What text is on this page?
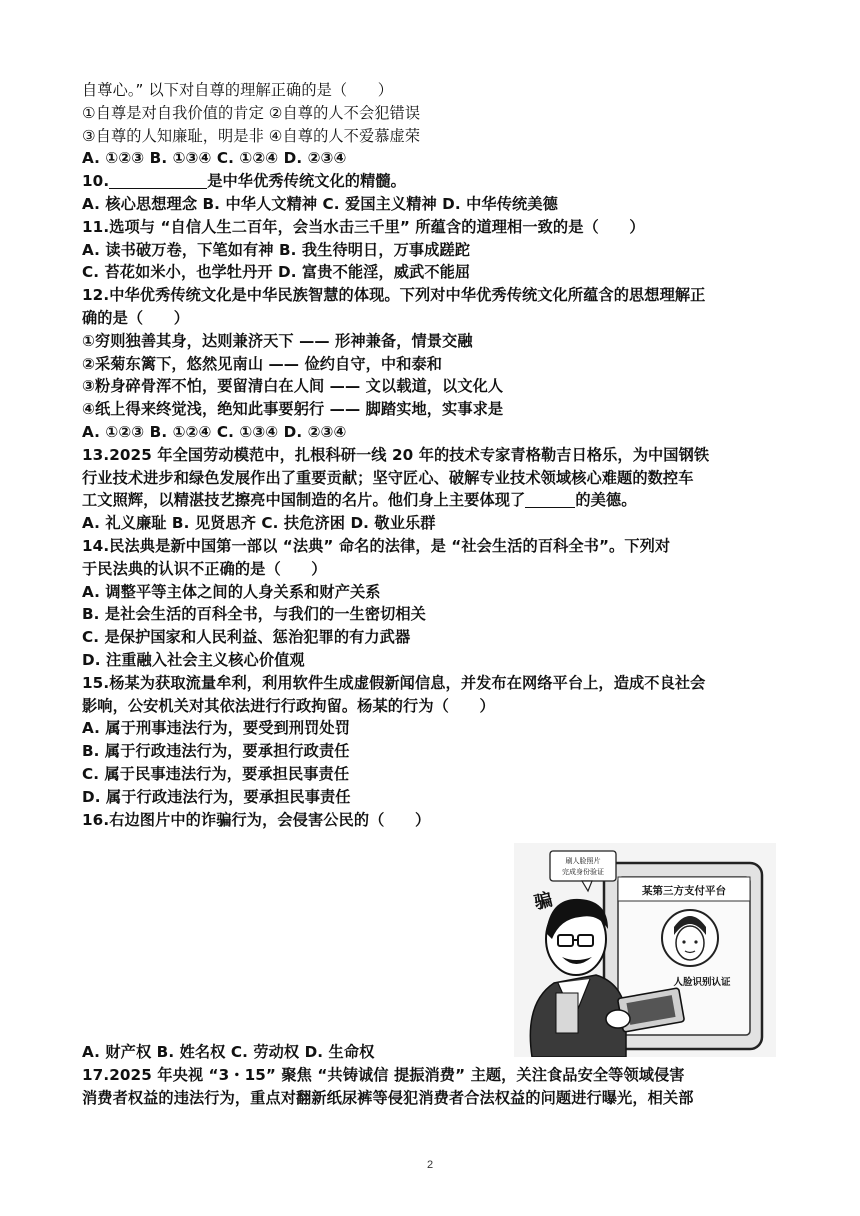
自尊心。” 以下对自尊的理解正确的是（　　）
①自尊是对自我价值的肯定 ②自尊的人不会犯错误
③自尊的人知廉耻，明是非 ④自尊的人不爱慕虚荣
A. ①②③ B. ①③④ C. ①②④ D. ②③④
10.	是中华优秀传统文化的精髓。
A. 核心思想理念 B. 中华人文精神 C. 爱国主义精神 D. 中华传统美德
11.选项与 “自信人生二百年，会当水击三千里” 所蕴含的道理相一致的是（　　）
A. 读书破万卷，下笔如有神 B. 我生待明日，万事成蹉跎
C. 苔花如米小，也学牡丹开 D. 富贵不能淫，威武不能屈
12.中华优秀传统文化是中华民族智慧的体现。下列对中华优秀传统文化所蕴含的思想理解正
确的是（　　）
①穷则独善其身，达则兼济天下 —— 形神兼备，情景交融
②采菊东篱下，悠然见南山 —— 俭约自守，中和泰和
③粉身碎骨浑不怕，要留清白在人间 —— 文以载道，以文化人
④纸上得来终觉浅，绝知此事要躬行 —— 脚踏实地，实事求是
A. ①②③ B. ①②④ C. ①③④ D. ②③④
13.2025 年全国劳动模范中，扎根科研一线 20 年的技术专家青格勒吉日格乐，为中国钢铁
行业技术进步和绿色发展作出了重要贡献；坚守匠心、破解专业技术领域核心难题的数控车
工文照辉，以精湛技艺擦亮中国制造的名片。他们身上主要体现了	的美德。
A. 礼义廉耻 B. 见贤思齐 C. 扶危济困 D. 敬业乐群
14.民法典是新中国第一部以 “法典” 命名的法律，是 “社会生活的百科全书”。下列对
于民法典的认识不正确的是（　　）
A. 调整平等主体之间的人身关系和财产关系
B. 是社会生活的百科全书，与我们的一生密切相关
C. 是保护国家和人民利益、惩治犯罪的有力武器
D. 注重融入社会主义核心价值观
15.杨某为获取流量牟利，利用软件生成虚假新闻信息，并发布在网络平台上，造成不良社会
影响，公安机关对其依法进行行政拘留。杨某的行为（　　）
A. 属于刑事违法行为，要受到刑罚处罚
B. 属于行政违法行为，要承担行政责任
C. 属于民事违法行为，要承担民事责任
D. 属于行政违法行为，要承担民事责任
16.右边图片中的诈骗行为，会侵害公民的（　　）
A. 财产权 B. 姓名权 C. 劳动权 D. 生命权
17.2025 年央视 “3・15” 聚焦 “共铸诚信 提振消费” 主题，关注食品安全等领域侵害
消费者权益的违法行为，重点对翻新纸尿裤等侵犯消费者合法权益的问题进行曝光，相关部
某第三方支付平台
人脸识别认证
刷人脸照片
完成身份验证
骗
2
